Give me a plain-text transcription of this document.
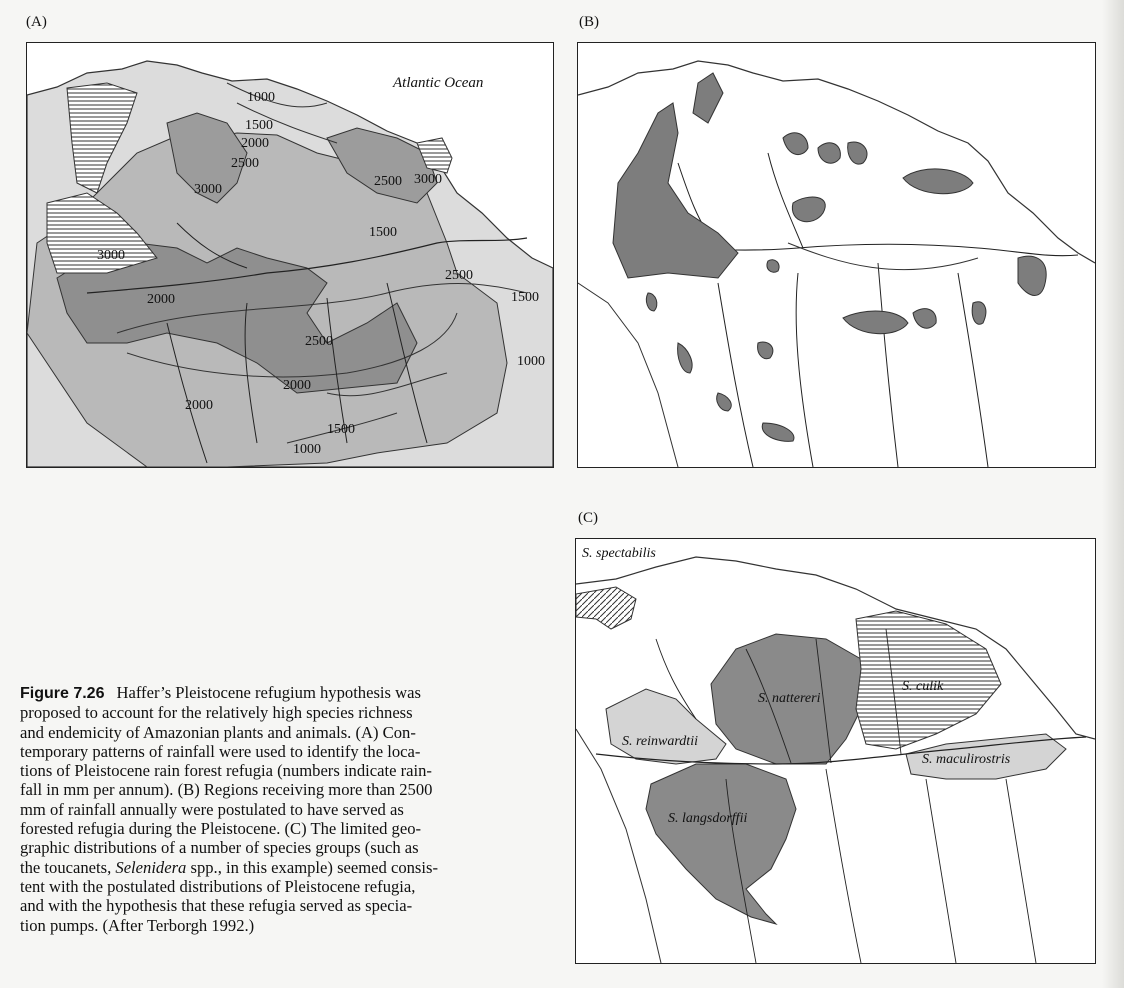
(A)
1000
1500
2000
2500
3000
3000
2500 3000
1500
2500
2000	1500
2500
1000
2000
2000
1500
1000
Atlantic Ocean
(B)
(C)
S. spectabilis
S. nattereri
S. culik
S. reinwardtii
S. maculirostris
S. langsdorffii
Figure 7.26 Haffer’s Pleistocene refugium hypothesis was
proposed to account for the relatively high species richness
and endemicity of Amazonian plants and animals. (A) Con-
temporary patterns of rainfall were used to identify the loca-
tions of Pleistocene rain forest refugia (numbers indicate rain-
fall in mm per annum). (B) Regions receiving more than 2500
mm of rainfall annually were postulated to have served as
forested refugia during the Pleistocene. (C) The limited geo-
graphic distributions of a number of species groups (such as
the toucanets, Selenidera spp., in this example) seemed consis-
tent with the postulated distributions of Pleistocene refugia,
and with the hypothesis that these refugia served as specia-
tion pumps. (After Terborgh 1992.)
